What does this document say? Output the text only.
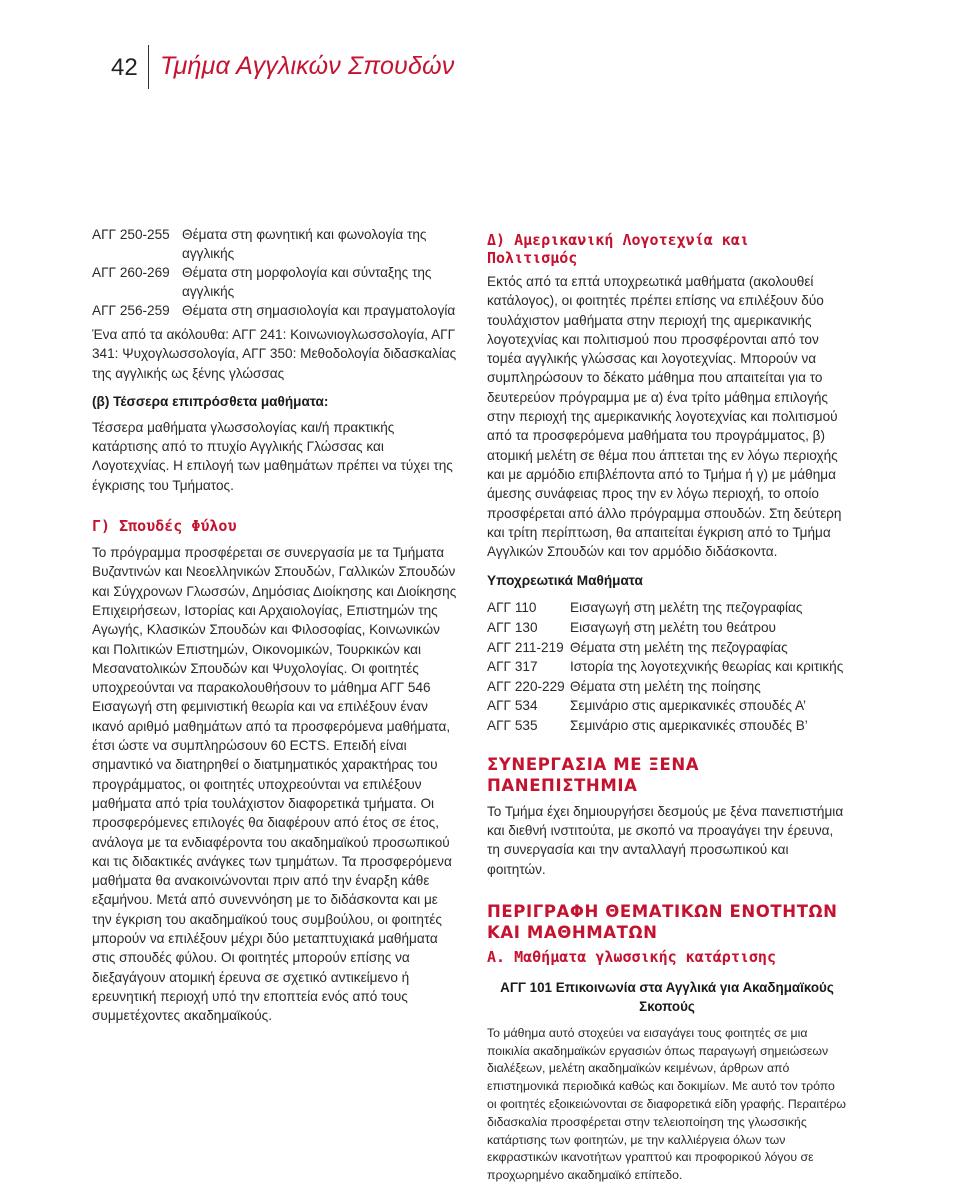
42 Τμήμα Αγγλικών Σπουδών
ΑΓΓ 250-255 Θέματα στη φωνητική και φωνολογία της αγγλικής
ΑΓΓ 260-269 Θέματα στη μορφολογία και σύνταξης της αγγλικής
ΑΓΓ 256-259 Θέματα στη σημασιολογία και πραγματολογία

Ένα από τα ακόλουθα: ΑΓΓ 241: Κοινωνιογλωσσολογία, ΑΓΓ 341: Ψυχογλωσσολογία, ΑΓΓ 350: Μεθοδολογία διδασκαλίας της αγγλικής ως ξένης γλώσσας

(β) Τέσσερα επιπρόσθετα μαθήματα:

Τέσσερα μαθήματα γλωσσολογίας και/ή πρακτικής κατάρτισης από το πτυχίο Αγγλικής Γλώσσας και Λογοτεχνίας. Η επιλογή των μαθημάτων πρέπει να τύχει της έγκρισης του Τμήματος.

Γ) Σπουδές Φύλου

Το πρόγραμμα προσφέρεται σε συνεργασία με τα Τμήματα Βυζαντινών και Νεοελληνικών Σπουδών, Γαλλικών Σπουδών και Σύγχρονων Γλωσσών, Δημόσιας Διοίκησης και Διοίκησης Επιχειρήσεων, Ιστορίας και Αρχαιολογίας, Επιστημών της Αγωγής, Κλασικών Σπουδών και Φιλοσοφίας, Κοινωνικών και Πολιτικών Επιστημών, Οικονομικών, Τουρκικών και Μεσανατολικών Σπουδών και Ψυχολογίας. Οι φοιτητές υποχρεούνται να παρακολουθήσουν το μάθημα ΑΓΓ 546 Εισαγωγή στη φεμινιστική θεωρία και να επιλέξουν έναν ικανό αριθμό μαθημάτων από τα προσφερόμενα μαθήματα, έτσι ώστε να συμπληρώσουν 60 ECTS. Επειδή είναι σημαντικό να διατηρηθεί ο διατμηματικός χαρακτήρας του προγράμματος, οι φοιτητές υποχρεούνται να επιλέξουν μαθήματα από τρία τουλάχιστον διαφορετικά τμήματα. Οι προσφερόμενες επιλογές θα διαφέρουν από έτος σε έτος, ανάλογα με τα ενδιαφέροντα του ακαδημαϊκού προσωπικού και τις διδακτικές ανάγκες των τμημάτων. Τα προσφερόμενα μαθήματα θα ανακοινώνονται πριν από την έναρξη κάθε εξαμήνου. Μετά από συνεννόηση με το διδάσκοντα και με την έγκριση του ακαδημαϊκού τους συμβούλου, οι φοιτητές μπορούν να επιλέξουν μέχρι δύο μεταπτυχιακά μαθήματα στις σπουδές φύλου. Οι φοιτητές μπορούν επίσης να διεξαγάγουν ατομική έρευνα σε σχετικό αντικείμενο ή ερευνητική περιοχή υπό την εποπτεία ενός από τους συμμετέχοντες ακαδημαϊκούς.

Δ) Αμερικανική Λογοτεχνία και Πολιτισμός

Εκτός από τα επτά υποχρεωτικά μαθήματα (ακολουθεί κατάλογος), οι φοιτητές πρέπει επίσης να επιλέξουν δύο τουλάχιστον μαθήματα στην περιοχή της αμερικανικής λογοτεχνίας και πολιτισμού που προσφέρονται από τον τομέα αγγλικής γλώσσας και λογοτεχνίας. Μπορούν να συμπληρώσουν το δέκατο μάθημα που απαιτείται για το δευτερεύον πρόγραμμα με α) ένα τρίτο μάθημα επιλογής στην περιοχή της αμερικανικής λογοτεχνίας και πολιτισμού από τα προσφερόμενα μαθήματα του προγράμματος, β) ατομική μελέτη σε θέμα που άπτεται της εν λόγω περιοχής και με αρμόδιο επιβλέποντα από το Τμήμα ή γ) με μάθημα άμεσης συνάφειας προς την εν λόγω περιοχή, το οποίο προσφέρεται από άλλο πρόγραμμα σπουδών. Στη δεύτερη και τρίτη περίπτωση, θα απαιτείται έγκριση από το Τμήμα Αγγλικών Σπουδών και τον αρμόδιο διδάσκοντα.

Υποχρεωτικά Μαθήματα
ΑΓΓ 110	Εισαγωγή στη μελέτη της πεζογραφίας
ΑΓΓ 130	Εισαγωγή στη μελέτη του θεάτρου
ΑΓΓ 211-219 Θέματα στη μελέτη της πεζογραφίας
ΑΓΓ 317	Ιστορία της λογοτεχνικής θεωρίας και κριτικής
ΑΓΓ 220-229 Θέματα στη μελέτη της ποίησης
ΑΓΓ 534	Σεμινάριο στις αμερικανικές σπουδές Α’
ΑΓΓ 535	Σεμινάριο στις αμερικανικές σπουδές Β’
ΣΥΝΕΡΓΑΣΙΑ ΜΕ ΞΕΝΑ ΠΑΝΕΠΙΣΤΗΜΙΑ

Το Τμήμα έχει δημιουργήσει δεσμούς με ξένα πανεπιστήμια και διεθνή ινστιτούτα, με σκοπό να προαγάγει την έρευνα, τη συνεργασία και την ανταλλαγή προσωπικού και φοιτητών.

ΠΕΡΙΓΡΑΦΗ ΘΕΜΑΤΙΚΩΝ ΕΝΟΤΗΤΩΝ ΚΑΙ ΜΑΘΗΜΑΤΩΝ
Α. Μαθήματα γλωσσικής κατάρτισης
ΑΓΓ 101 Επικοινωνία στα Αγγλικά για Ακαδημαϊκούς Σκοπούς

Το μάθημα αυτό στοχεύει να εισαγάγει τους φοιτητές σε μια ποικιλία ακαδημαϊκών εργασιών όπως παραγωγή σημειώσεων διαλέξεων, μελέτη ακαδημαϊκών κειμένων, άρθρων από επιστημονικά περιοδικά καθώς και δοκιμίων. Με αυτό τον τρόπο οι φοιτητές εξοικειώνονται σε διαφορετικά είδη γραφής. Περαιτέρω διδασκαλία προσφέρεται στην τελειοποίηση της γλωσσικής κατάρτισης των φοιτητών, με την καλλιέργεια όλων των εκφραστικών ικανοτήτων γραπτού και προφορικού λόγου σε προχωρημένο ακαδημαϊκό επίπεδο.
